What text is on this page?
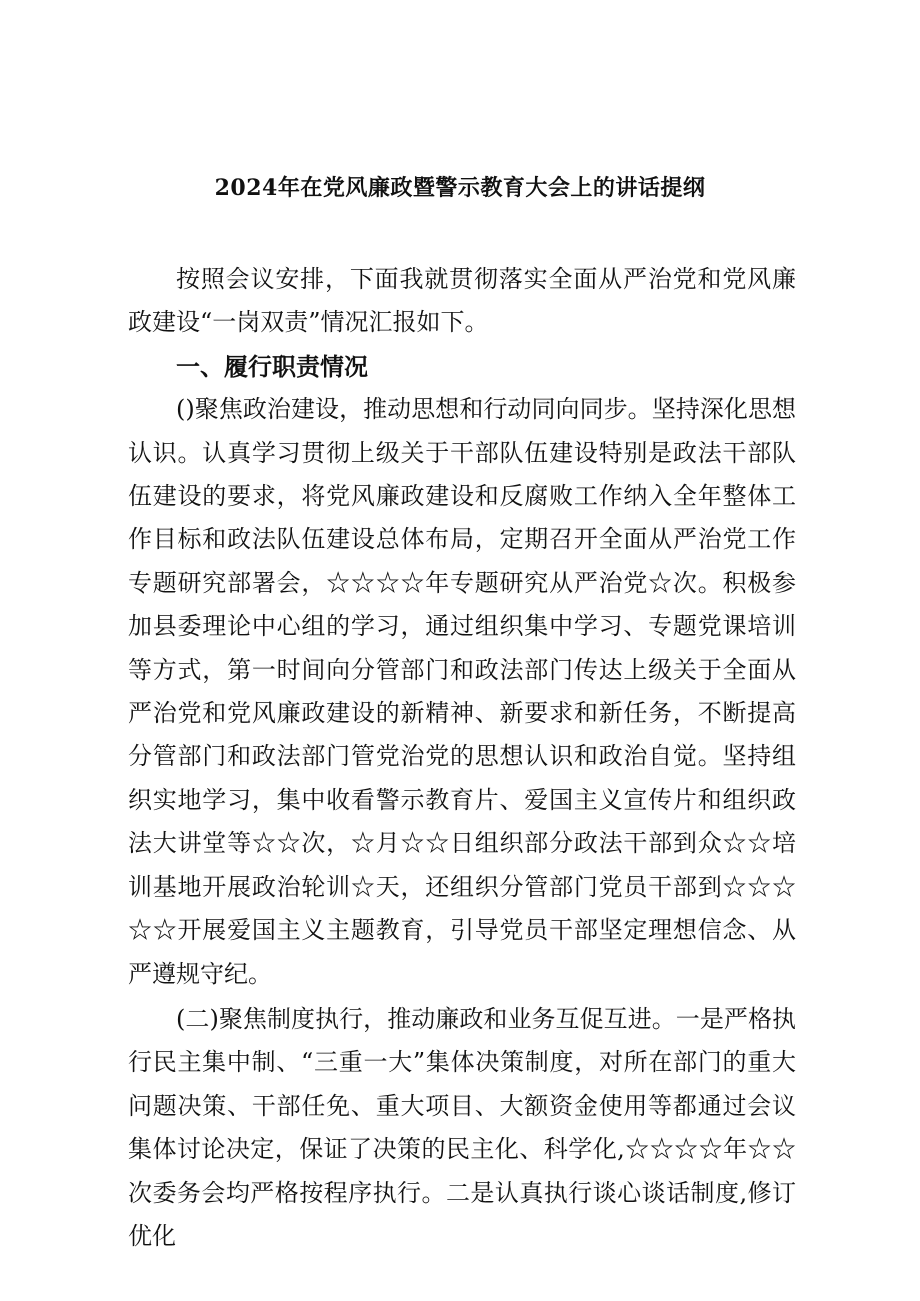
2024年在党风廉政暨警示教育大会上的讲话提纲

按照会议安排，下面我就贯彻落实全面从严治党和党风廉政建设“一岗双责”情况汇报如下。

一、履行职责情况

()聚焦政治建设，推动思想和行动同向同步。坚持深化思想认识。认真学习贯彻上级关于干部队伍建设特别是政法干部队伍建设的要求，将党风廉政建设和反腐败工作纳入全年整体工作目标和政法队伍建设总体布局，定期召开全面从严治党工作专题研究部署会，☆☆☆☆年专题研究从严治党☆次。积极参加县委理论中心组的学习，通过组织集中学习、专题党课培训等方式，第一时间向分管部门和政法部门传达上级关于全面从严治党和党风廉政建设的新精神、新要求和新任务，不断提高分管部门和政法部门管党治党的思想认识和政治自觉。坚持组织实地学习，集中收看警示教育片、爱国主义宣传片和组织政法大讲堂等☆☆次，☆月☆☆日组织部分政法干部到众☆☆培训基地开展政治轮训☆天，还组织分管部门党员干部到☆☆☆☆☆开展爱国主义主题教育，引导党员干部坚定理想信念、从严遵规守纪。

(二)聚焦制度执行，推动廉政和业务互促互进。一是严格执行民主集中制、“三重一大”集体决策制度，对所在部门的重大问题决策、干部任免、重大项目、大额资金使用等都通过会议集体讨论决定，保证了决策的民主化、科学化,☆☆☆☆年☆☆次委务会均严格按程序执行。二是认真执行谈心谈话制度,修订优化
